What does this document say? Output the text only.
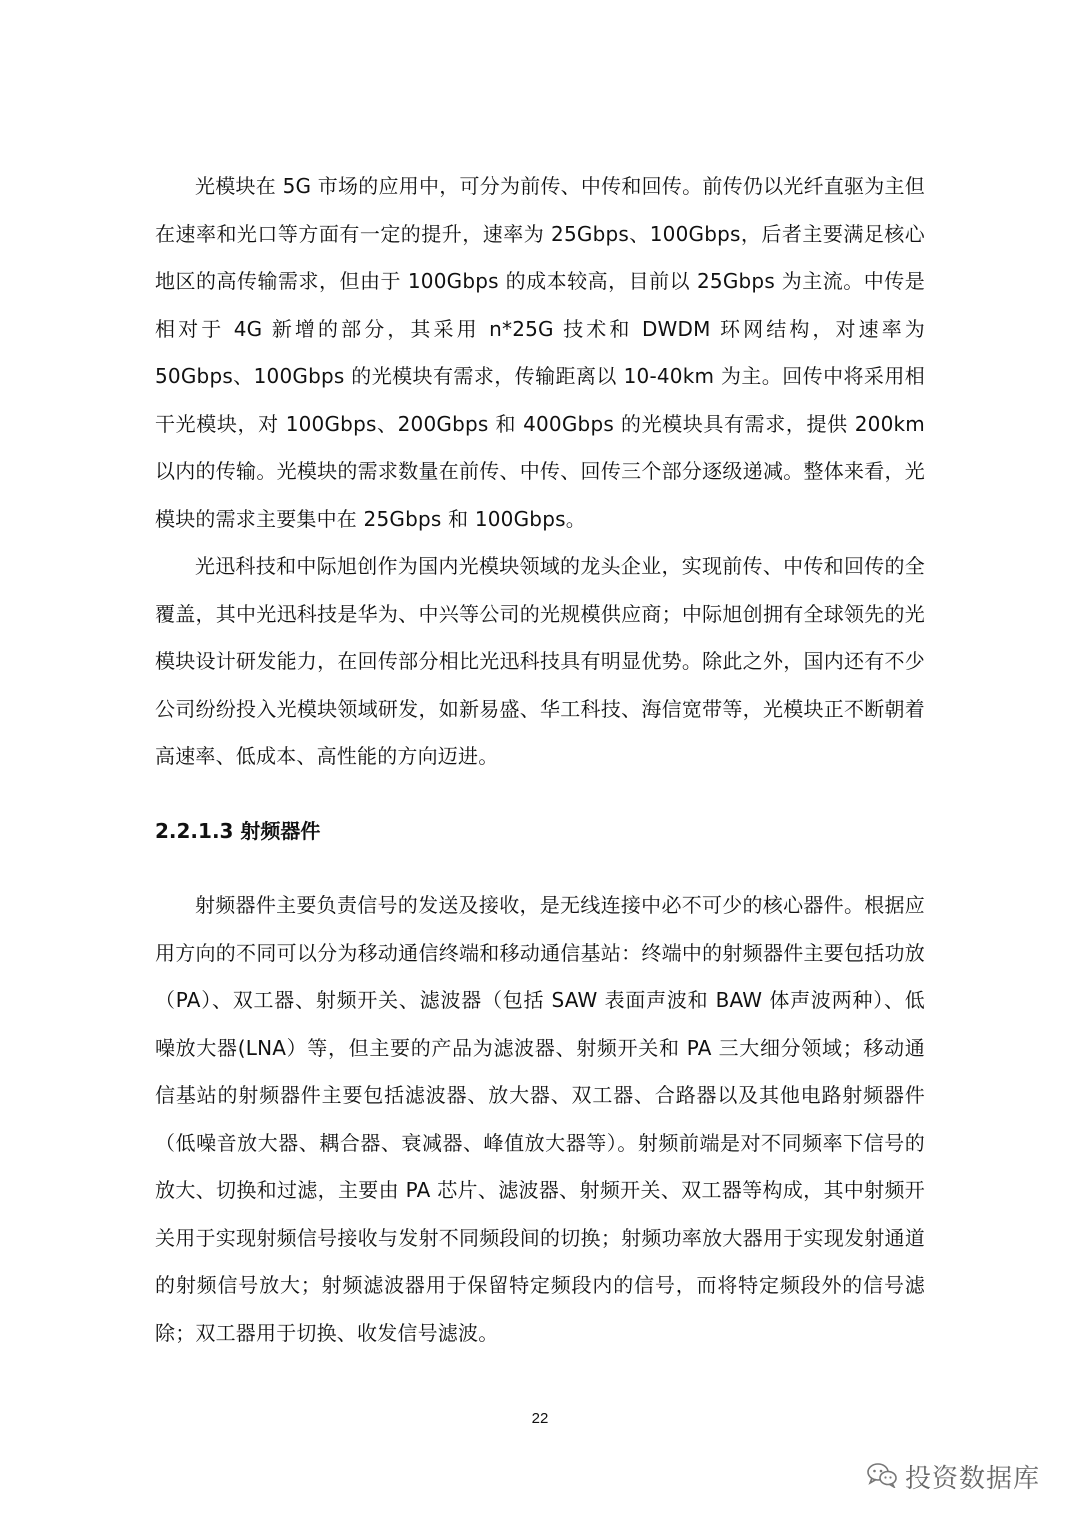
光模块在 5G 市场的应用中，可分为前传、中传和回传。前传仍以光纤直驱为主但在速率和光口等方面有一定的提升，速率为 25Gbps、100Gbps，后者主要满足核心地区的高传输需求，但由于 100Gbps 的成本较高，目前以 25Gbps 为主流。中传是相对于 4G 新增的部分，其采用 n*25G 技术和 DWDM 环网结构，对速率为 50Gbps、100Gbps 的光模块有需求，传输距离以 10-40km 为主。回传中将采用相干光模块，对 100Gbps、200Gbps 和 400Gbps 的光模块具有需求，提供 200km 以内的传输。光模块的需求数量在前传、中传、回传三个部分逐级递减。整体来看，光模块的需求主要集中在 25Gbps 和 100Gbps。

光迅科技和中际旭创作为国内光模块领域的龙头企业，实现前传、中传和回传的全覆盖，其中光迅科技是华为、中兴等公司的光规模供应商；中际旭创拥有全球领先的光模块设计研发能力，在回传部分相比光迅科技具有明显优势。除此之外，国内还有不少公司纷纷投入光模块领域研发，如新易盛、华工科技、海信宽带等，光模块正不断朝着高速率、低成本、高性能的方向迈进。

2.2.1.3 射频器件

射频器件主要负责信号的发送及接收，是无线连接中必不可少的核心器件。根据应用方向的不同可以分为移动通信终端和移动通信基站：终端中的射频器件主要包括功放（PA）、双工器、射频开关、滤波器（包括 SAW 表面声波和 BAW 体声波两种）、低噪放大器(LNA）等，但主要的产品为滤波器、射频开关和 PA 三大细分领域；移动通信基站的射频器件主要包括滤波器、放大器、双工器、合路器以及其他电路射频器件（低噪音放大器、耦合器、衰减器、峰值放大器等）。射频前端是对不同频率下信号的放大、切换和过滤，主要由 PA 芯片、滤波器、射频开关、双工器等构成，其中射频开关用于实现射频信号接收与发射不同频段间的切换；射频功率放大器用于实现发射通道的射频信号放大；射频滤波器用于保留特定频段内的信号，而将特定频段外的信号滤除；双工器用于切换、收发信号滤波。

22
投资数据库
